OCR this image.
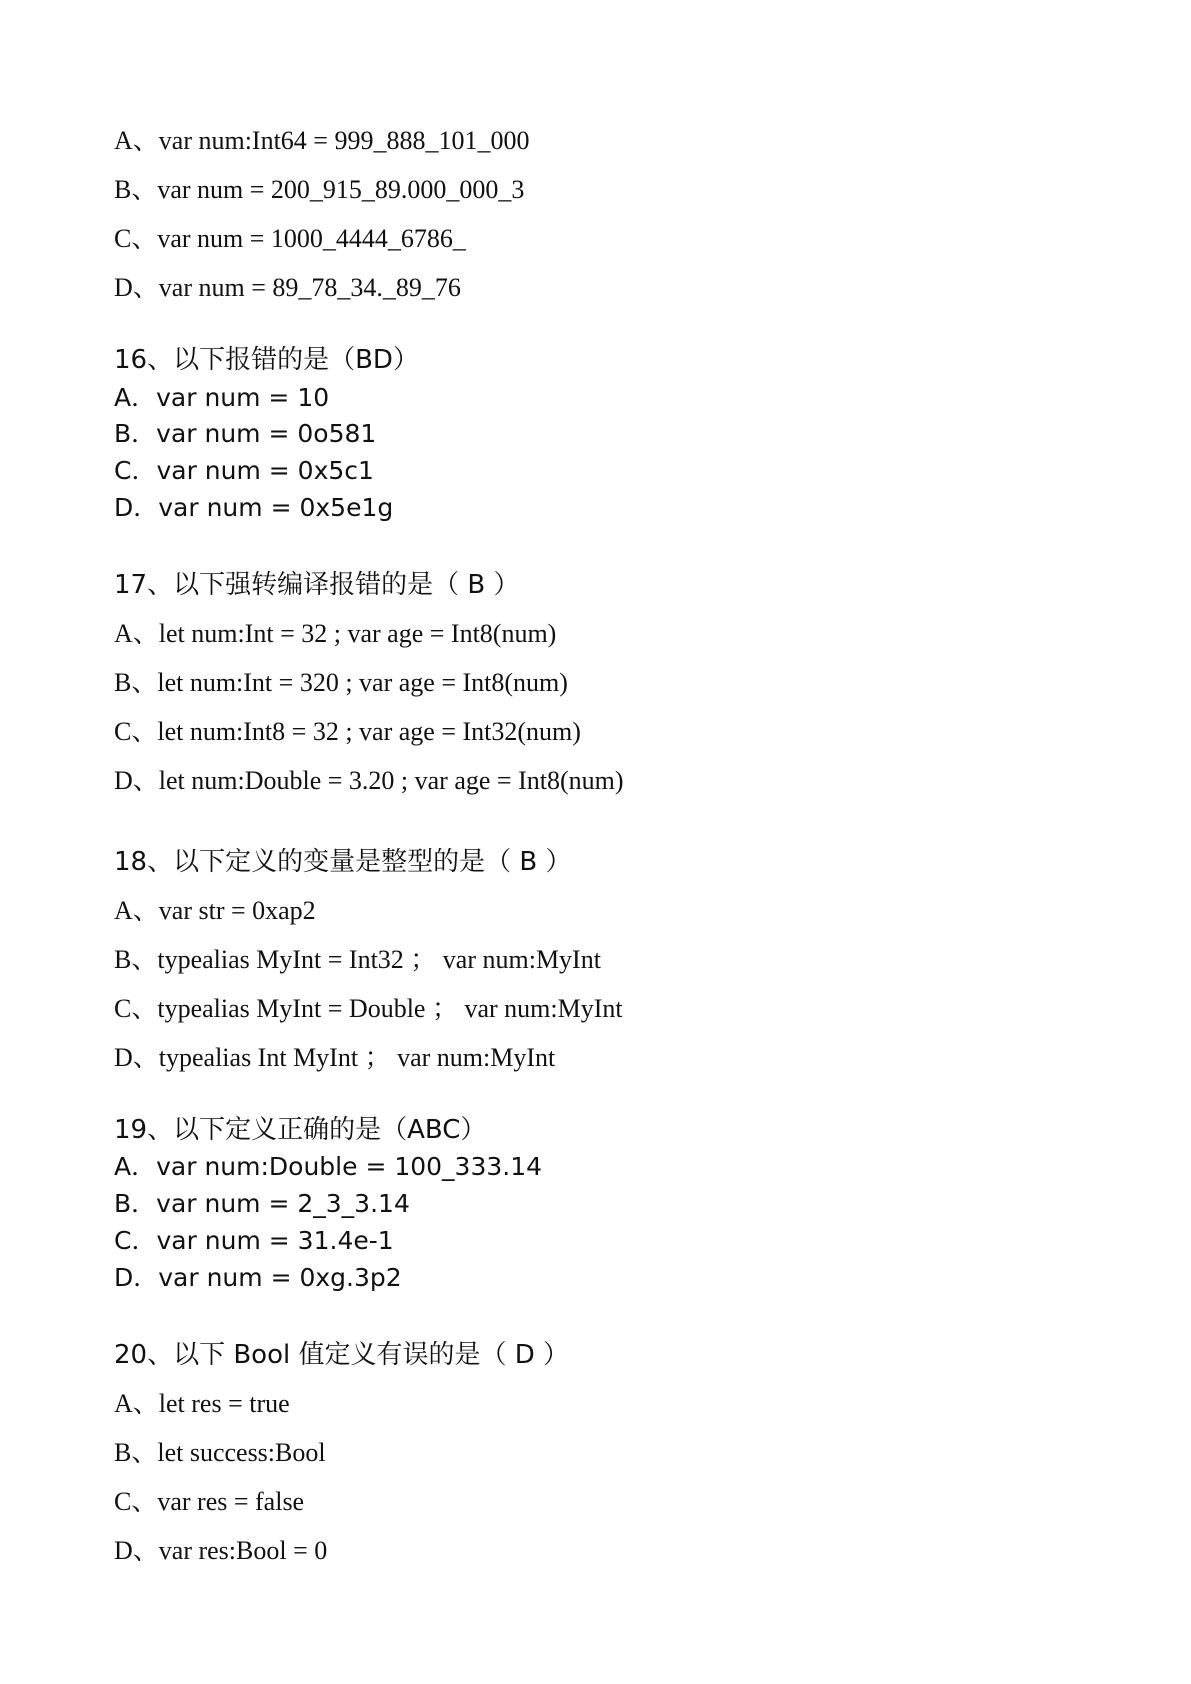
A、var num:Int64 = 999_888_101_000
B、var num = 200_915_89.000_000_3
C、var num = 1000_4444_6786_
D、var num = 89_78_34._89_76
16、以下报错的是（BD）
A．var num = 10
B．var num = 0o581
C．var num = 0x5c1
D．var num = 0x5e1g
17、以下强转编译报错的是（ B ）
A、let num:Int = 32 ; var age = Int8(num)
B、let num:Int = 320 ; var age = Int8(num)
C、let num:Int8 = 32 ; var age = Int32(num)
D、let num:Double = 3.20 ; var age = Int8(num)
18、以下定义的变量是整型的是（ B ）
A、var str = 0xap2
B、typealias MyInt = Int32 ； var num:MyInt
C、typealias MyInt = Double ； var num:MyInt
D、typealias Int MyInt ； var num:MyInt
19、以下定义正确的是（ABC）
A．var num:Double = 100_333.14
B．var num = 2_3_3.14
C．var num = 31.4e-1
D．var num = 0xg.3p2
20、以下 Bool 值定义有误的是（ D ）
A、let res = true
B、let success:Bool
C、var res = false
D、var res:Bool = 0
